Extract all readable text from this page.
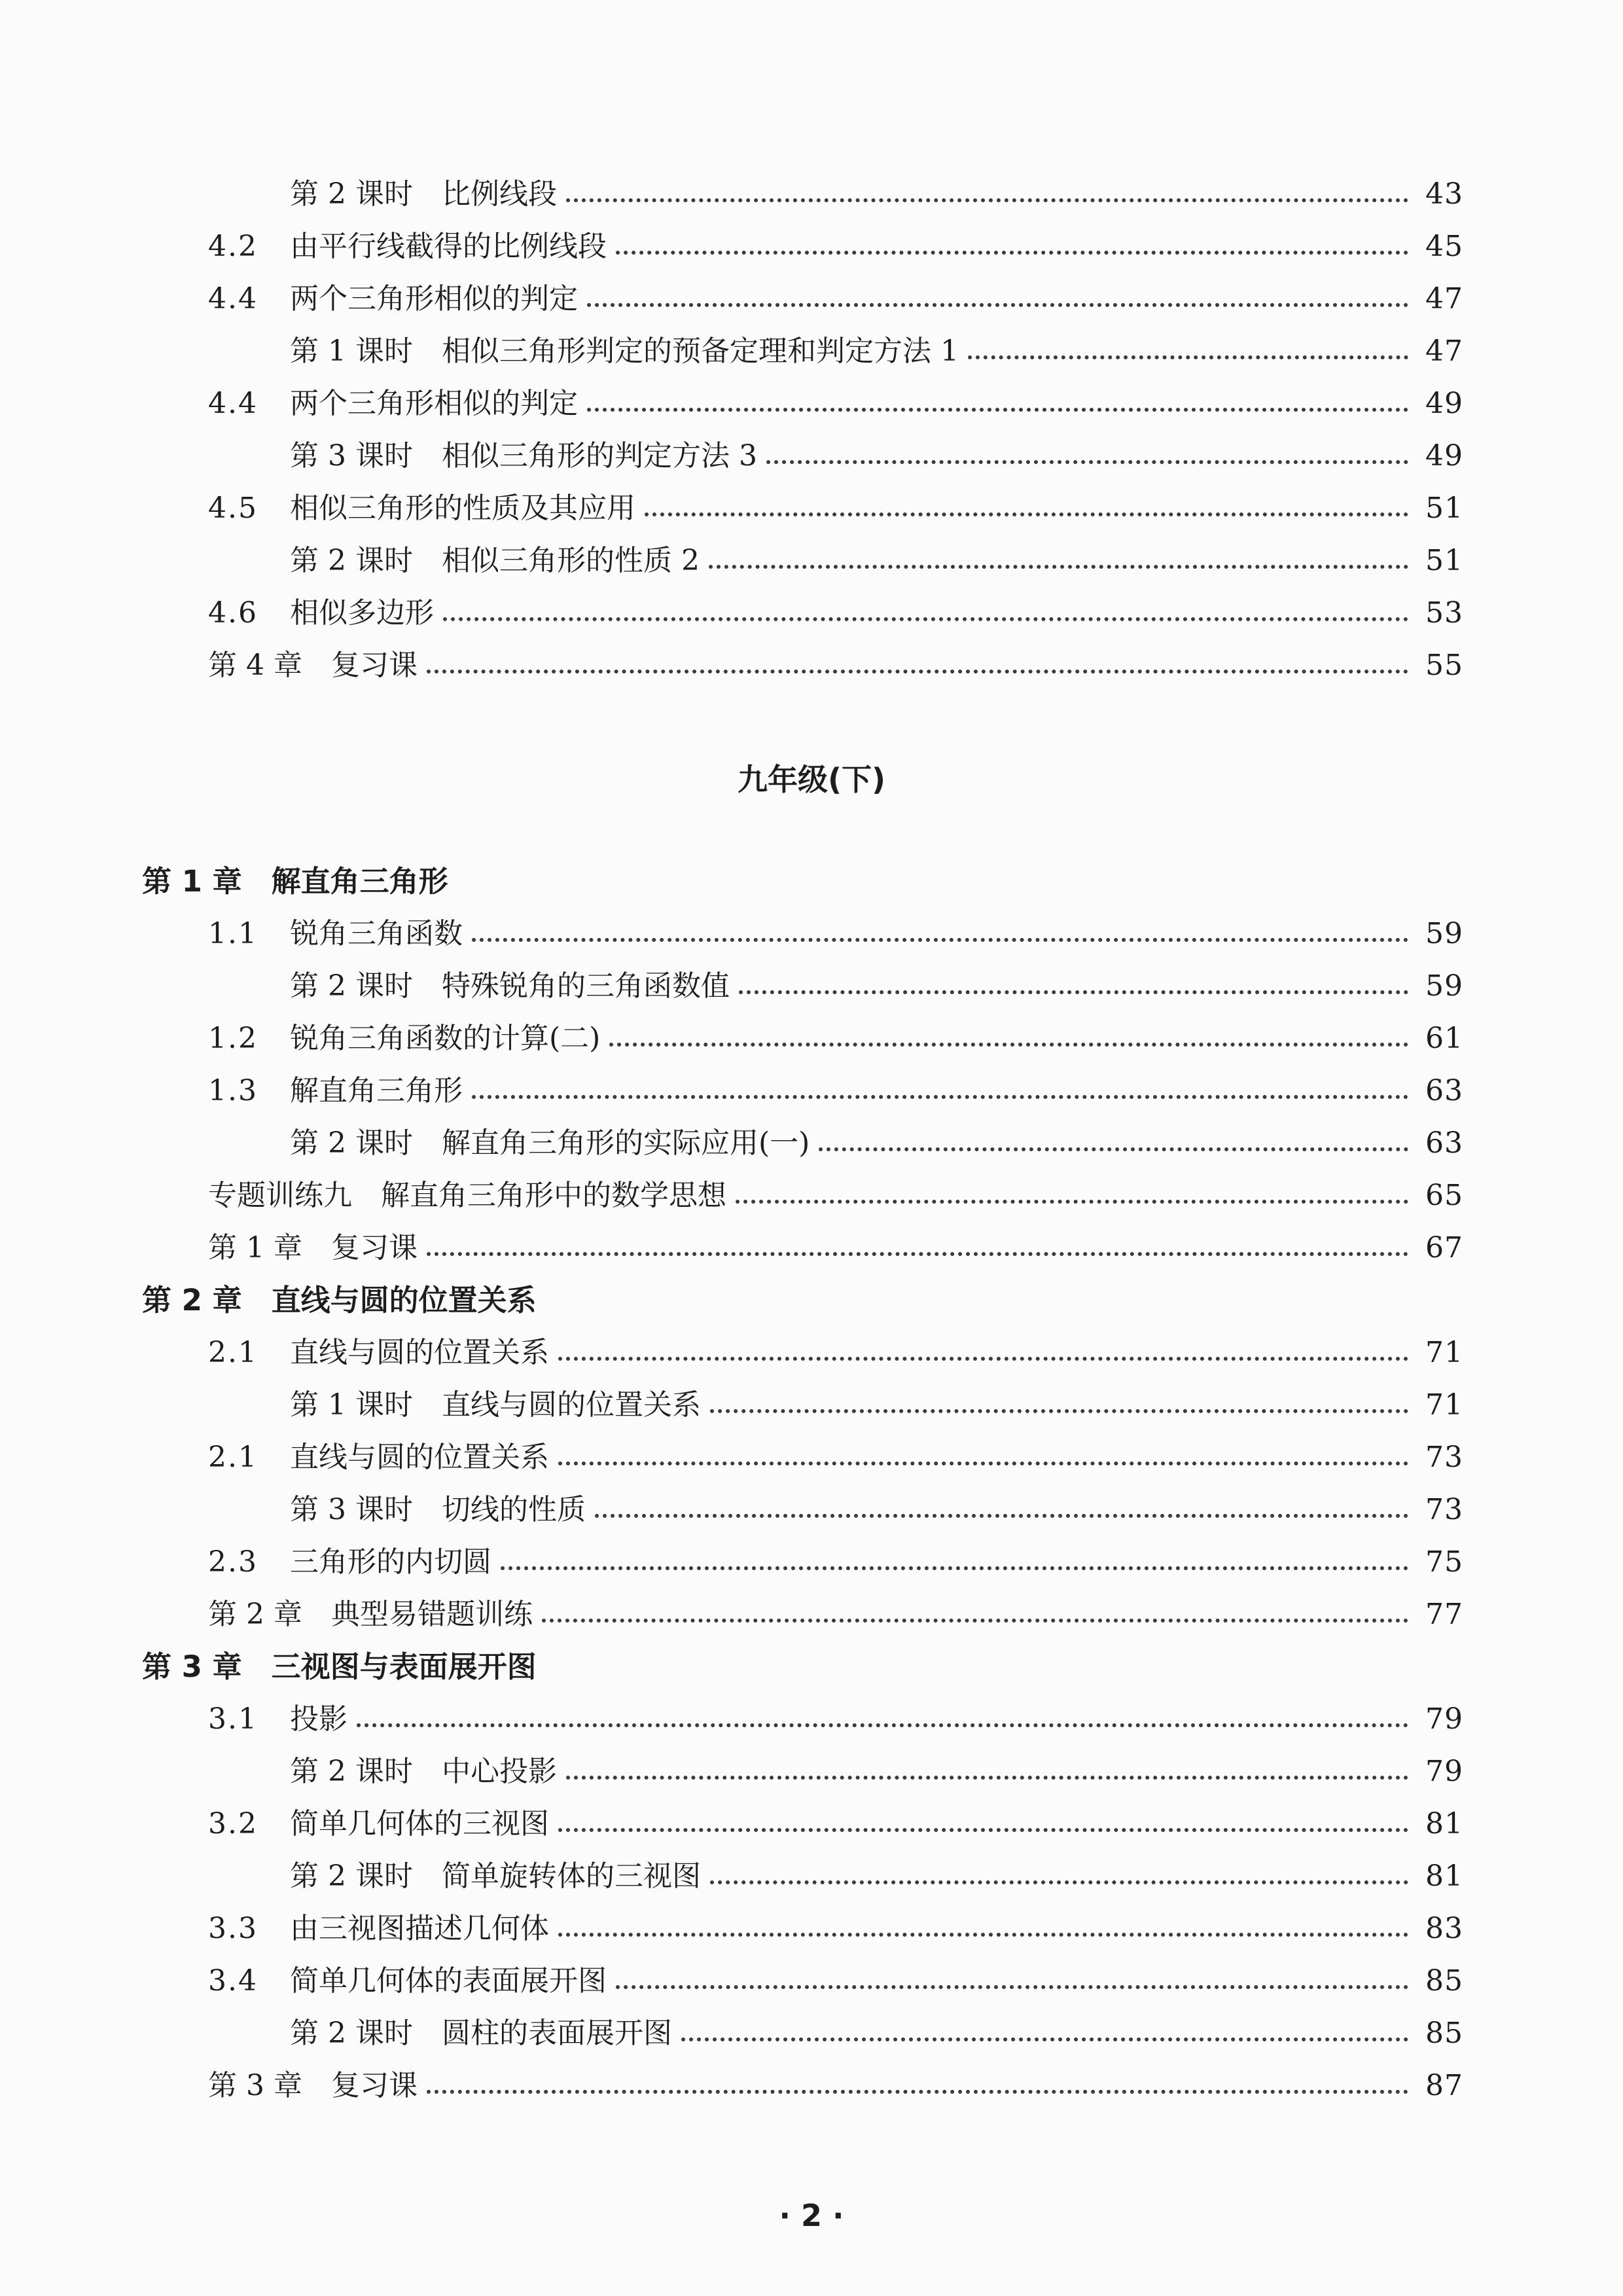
第 2 课时　比例线段	43
4.2	由平行线截得的比例线段	45
4.4	两个三角形相似的判定	47
第 1 课时　相似三角形判定的预备定理和判定方法 1	47
4.4	两个三角形相似的判定	49
第 3 课时　相似三角形的判定方法 3	49
4.5	相似三角形的性质及其应用	51
第 2 课时　相似三角形的性质 2	51
4.6	相似多边形	53
第 4 章　复习课	55
九年级(下)
第 1 章　解直角三角形
1.1	锐角三角函数	59
第 2 课时　特殊锐角的三角函数值	59
1.2	锐角三角函数的计算(二)	61
1.3	解直角三角形	63
第 2 课时　解直角三角形的实际应用(一)	63
专题训练九　解直角三角形中的数学思想	65
第 1 章　复习课	67
第 2 章　直线与圆的位置关系
2.1	直线与圆的位置关系	71
第 1 课时　直线与圆的位置关系	71
2.1	直线与圆的位置关系	73
第 3 课时　切线的性质	73
2.3	三角形的内切圆	75
第 2 章　典型易错题训练	77
第 3 章　三视图与表面展开图
3.1	投影	79
第 2 课时　中心投影	79
3.2	简单几何体的三视图	81
第 2 课时　简单旋转体的三视图	81
3.3	由三视图描述几何体	83
3.4	简单几何体的表面展开图	85
第 2 课时　圆柱的表面展开图	85
第 3 章　复习课	87
· 2 ·
